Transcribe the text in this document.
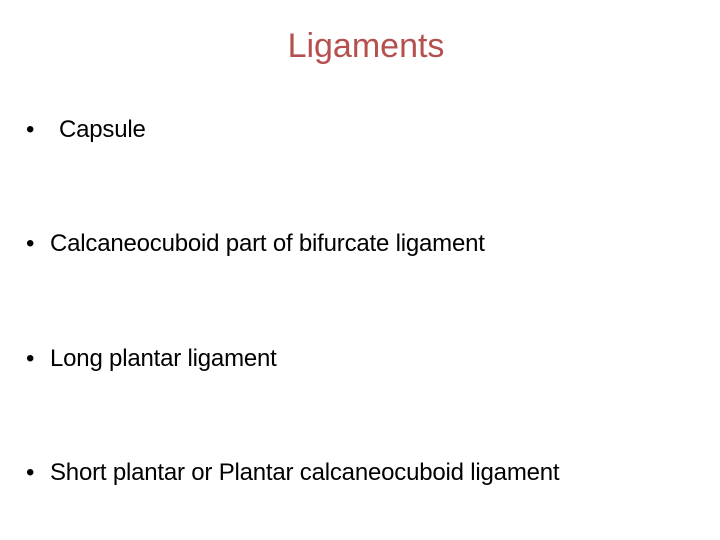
Ligaments
• Capsule
• Calcaneocuboid part of bifurcate ligament
• Long plantar ligament
• Short plantar or Plantar calcaneocuboid ligament
